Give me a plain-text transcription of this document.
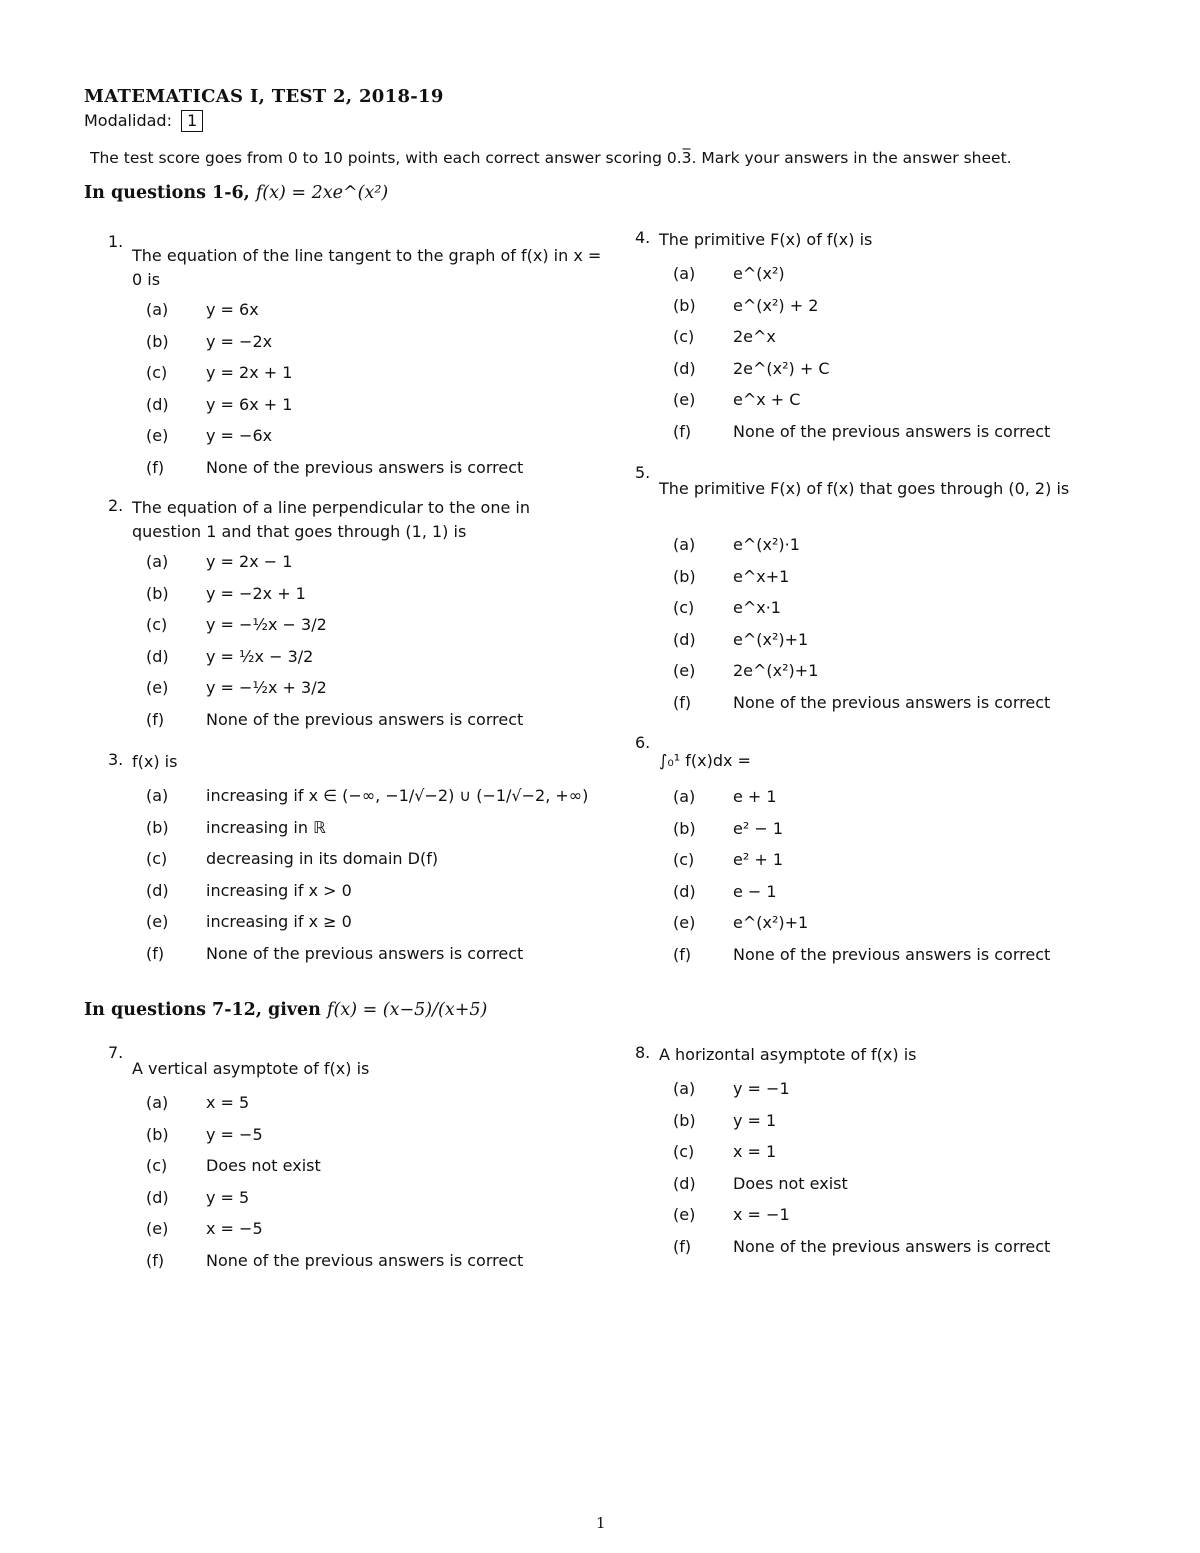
MATEMATICAS I, TEST 2, 2018-19
Modalidad: 1
The test score goes from 0 to 10 points, with each correct answer scoring 0.3̅. Mark your answers in the answer sheet.
In questions 1-6, f(x) = 2xe^(x²)
In questions 7-12, given f(x) = (x−5)/(x+5)
1.
The equation of the line tangent to the graph of f(x) in x = 0 is
(a) y = 6x
(b) y = −2x
(c) y = 2x + 1
(d) y = 6x + 1
(e) y = −6x
(f)	None of the previous answers is correct
2. The equation of a line perpendicular to the one in question 1 and that goes through (1, 1) is
(a) y = 2x − 1
(b) y = −2x + 1
(c) y = −½x − 3/2
(d) y = ½x − 3/2
(e) y = −½x + 3/2
(f)	None of the previous answers is correct
3. f(x) is
(a) increasing if x ∈ (−∞, −1/√−2) ∪ (−1/√−2, +∞)
(b) increasing in ℝ
(c) decreasing in its domain D(f)
(d) increasing if x > 0
(e) increasing if x ≥ 0
(f)	None of the previous answers is correct
4. The primitive F(x) of f(x) is
(a) e^(x²)
(b) e^(x²) + 2
(c) 2e^x
(d) 2e^(x²) + C
(e) e^x + C
(f)	None of the previous answers is correct
5.
The primitive F(x) of f(x) that goes through (0, 2) is
(a) e^(x²)·1
(b) e^x+1
(c) e^x·1
(d) e^(x²)+1
(e) 2e^(x²)+1
(f)	None of the previous answers is correct
6.
∫₀¹ f(x)dx =
(a) e + 1
(b) e² − 1
(c) e² + 1
(d) e − 1
(e) e^(x²)+1
(f)	None of the previous answers is correct
7.
A vertical asymptote of f(x) is
(a) x = 5
(b) y = −5
(c) Does not exist
(d) y = 5
(e) x = −5
(f)	None of the previous answers is correct
8. A horizontal asymptote of f(x) is
(a) y = −1
(b) y = 1
(c) x = 1
(d) Does not exist
(e) x = −1
(f)	None of the previous answers is correct
1
